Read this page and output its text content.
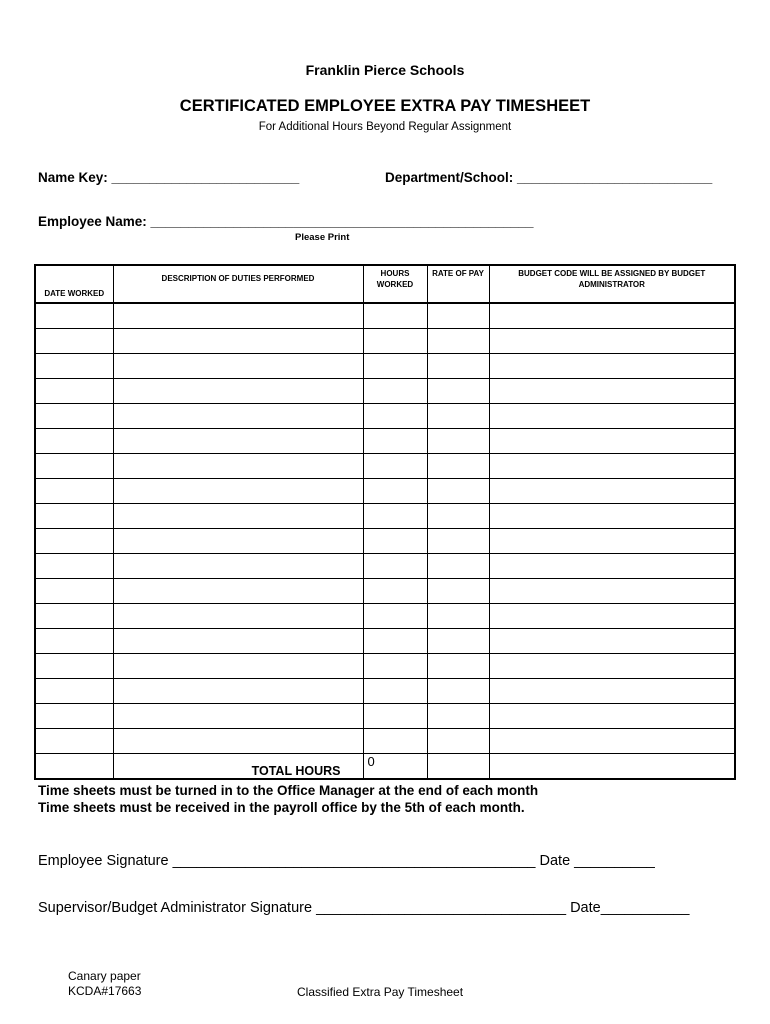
Franklin Pierce Schools
CERTIFICATED EMPLOYEE EXTRA PAY TIMESHEET
For Additional Hours Beyond Regular Assignment
Name Key: _________________________	Department/School: __________________________
Employee Name: ___________________________________________________
Please Print
DATE WORKED	DESCRIPTION OF DUTIES PERFORMED	HOURS WORKED	RATE OF PAY	BUDGET CODE WILL BE ASSIGNED BY BUDGET ADMINISTRATOR

	TOTAL HOURS	0		
Time sheets must be turned in to the Office Manager at the end of each month
Time sheets must be received in the payroll office by the 5th of each month.
Employee Signature _____________________________________________ Date __________
Supervisor/Budget Administrator Signature _______________________________ Date___________
Canary paper
KCDA#17663	Classified Extra Pay Timesheet
